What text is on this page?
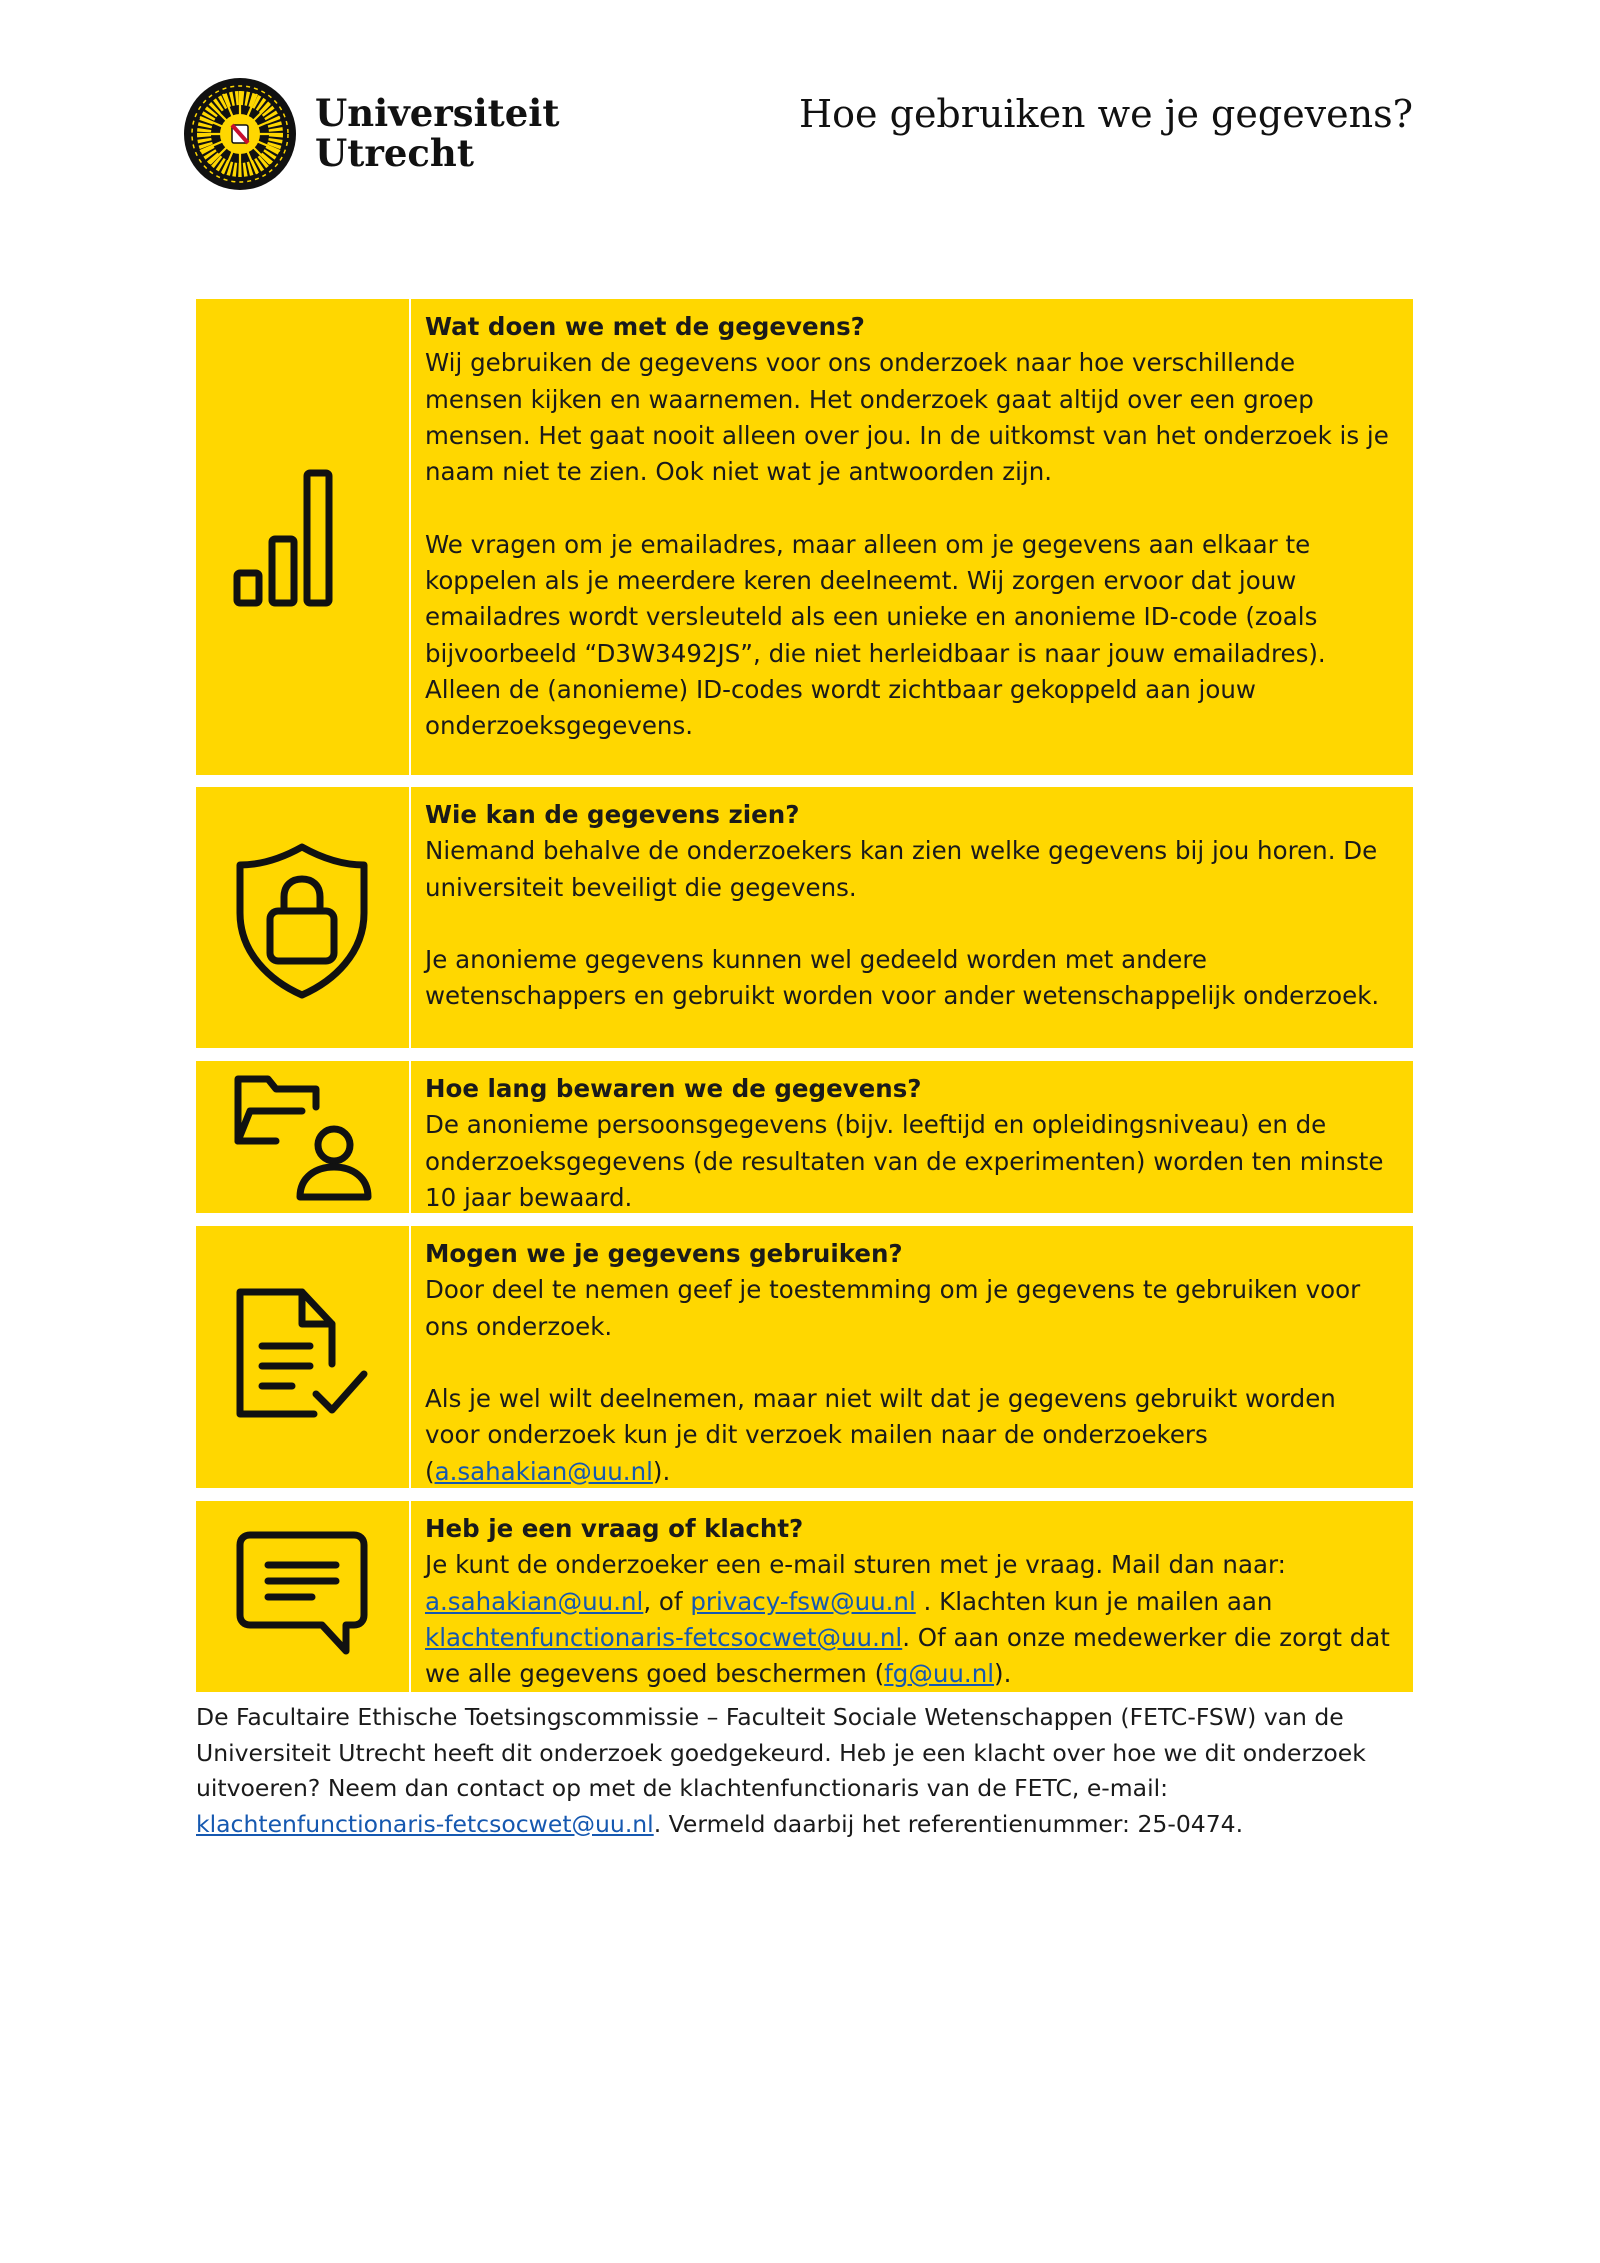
Universiteit
Utrecht
Hoe gebruiken we je gegevens?
Wat doen we met de gegevens?
Wij gebruiken de gegevens voor ons onderzoek naar hoe verschillende mensen kijken en waarnemen. Het onderzoek gaat altijd over een groep mensen. Het gaat nooit alleen over jou. In de uitkomst van het onderzoek is je naam niet te zien. Ook niet wat je antwoorden zijn.
We vragen om je emailadres, maar alleen om je gegevens aan elkaar te koppelen als je meerdere keren deelneemt. Wij zorgen ervoor dat jouw emailadres wordt versleuteld als een unieke en anonieme ID-code (zoals bijvoorbeeld “D3W3492JS”, die niet herleidbaar is naar jouw emailadres). Alleen de (anonieme) ID-codes wordt zichtbaar gekoppeld aan jouw onderzoeksgegevens.
Wie kan de gegevens zien?
Niemand behalve de onderzoekers kan zien welke gegevens bij jou horen. De universiteit beveiligt die gegevens.
Je anonieme gegevens kunnen wel gedeeld worden met andere wetenschappers en gebruikt worden voor ander wetenschappelijk onderzoek.
Hoe lang bewaren we de gegevens?
De anonieme persoonsgegevens (bijv. leeftijd en opleidingsniveau) en de onderzoeksgegevens (de resultaten van de experimenten) worden ten minste 10 jaar bewaard.
Mogen we je gegevens gebruiken?
Door deel te nemen geef je toestemming om je gegevens te gebruiken voor ons onderzoek.
Als je wel wilt deelnemen, maar niet wilt dat je gegevens gebruikt worden voor onderzoek kun je dit verzoek mailen naar de onderzoekers (a.sahakian@uu.nl).
Heb je een vraag of klacht?
Je kunt de onderzoeker een e-mail sturen met je vraag. Mail dan naar: a.sahakian@uu.nl, of privacy-fsw@uu.nl . Klachten kun je mailen aan klachtenfunctionaris-fetcsocwet@uu.nl. Of aan onze medewerker die zorgt dat we alle gegevens goed beschermen (fg@uu.nl).
De Facultaire Ethische Toetsingscommissie – Faculteit Sociale Wetenschappen (FETC-FSW) van de Universiteit Utrecht heeft dit onderzoek goedgekeurd. Heb je een klacht over hoe we dit onderzoek uitvoeren? Neem dan contact op met de klachtenfunctionaris van de FETC, e-mail: klachtenfunctionaris-fetcsocwet@uu.nl. Vermeld daarbij het referentienummer: 25-0474.
